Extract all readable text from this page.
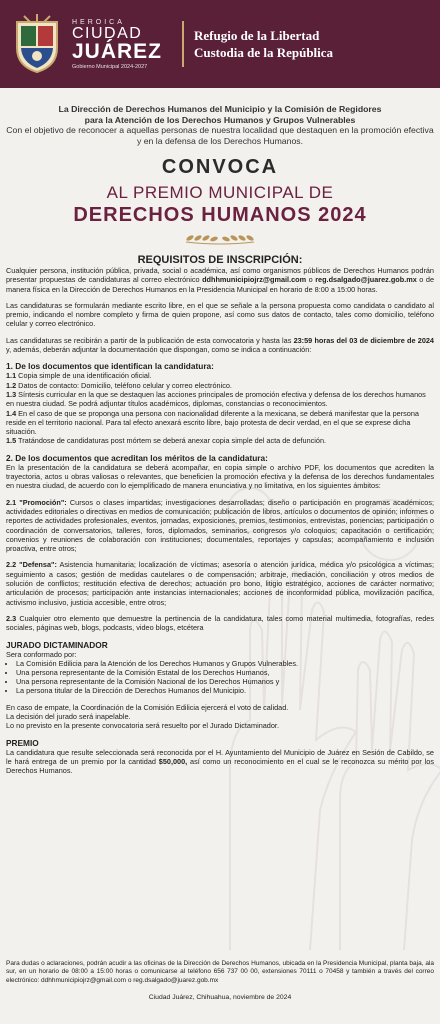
HEROICA
CIUDAD
JUÁREZ
Gobierno Municipal 2024-2027
Refugio de la Libertad
Custodia de la República
La Dirección de Derechos Humanos del Municipio y la Comisión de Regidores
para la Atención de los Derechos Humanos y Grupos Vulnerables
Con el objetivo de reconocer a aquellas personas de nuestra localidad que destaquen en la promoción efectiva y en la defensa de los Derechos Humanos.
CONVOCA
AL PREMIO MUNICIPAL DE
DERECHOS HUMANOS 2024
REQUISITOS DE INSCRIPCIÓN:

Cualquier persona, institución pública, privada, social o académica, así como organismos públicos de Derechos Humanos podrán presentar propuestas de candidaturas al correo electrónico ddhhmunicipiojrz@gmail.com o reg.dsalgado@juarez.gob.mx o de manera física en la Dirección de Derechos Humanos en la Presidencia Municipal en horario de 8:00 a 15:00 horas.

Las candidaturas se formularán mediante escrito libre, en el que se señale a la persona propuesta como candidata o candidato al premio, indicando el nombre completo y firma de quien propone, así como sus datos de contacto, tales como domicilio, teléfono celular y correo electrónico.

Las candidaturas se recibirán a partir de la publicación de esta convocatoria y hasta las 23:59 horas del 03 de diciembre de 2024 y, además, deberán adjuntar la documentación que dispongan, como se indica a continuación:

1. De los documentos que identifican la candidatura:
1.1 Copia simple de una identificación oficial.
1.2 Datos de contacto: Domicilio, teléfono celular y correo electrónico.
1.3 Síntesis curricular en la que se destaquen las acciones principales de promoción efectiva y defensa de los derechos humanos en nuestra ciudad. Se podrá adjuntar títulos académicos, diplomas, constancias o reconocimientos.
1.4 En el caso de que se proponga una persona con nacionalidad diferente a la mexicana, se deberá manifestar que la persona reside en el territorio nacional. Para tal efecto anexará escrito libre, bajo protesta de decir verdad, en el que se exprese dicha situación.
1.5 Tratándose de candidaturas post mórtem se deberá anexar copia simple del acta de defunción.
2. De los documentos que acreditan los méritos de la candidatura:

En la presentación de la candidatura se deberá acompañar, en copia simple o archivo PDF, los documentos que acrediten la trayectoria, actos u obras valiosas o relevantes, que beneficien la promoción efectiva y la defensa de los derechos fundamentales en nuestra ciudad, de acuerdo con lo ejemplificado de manera enunciativa y no limitativa, en los siguientes ámbitos:

2.1 "Promoción": Cursos o clases impartidas; investigaciones desarrolladas; diseño o participación en programas académicos; actividades editoriales o directivas en medios de comunicación; publicación de libros, artículos o documentos de opinión; informes o reportes de actividades profesionales, eventos, jornadas, exposiciones, premios, testimonios, entrevistas, ponencias; participación o coordinación de conversatorios, talleres, foros, diplomados, seminarios, congresos y/o coloquios; capacitación o certificación; convenios y reuniones de colaboración con instituciones; documentales, reportajes y capsulas; acompañamiento e inclusión proactiva, entre otros;

2.2 "Defensa": Asistencia humanitaria; localización de víctimas; asesoría o atención jurídica, médica y/o psicológica a víctimas; seguimiento a casos; gestión de medidas cautelares o de compensación; arbitraje, mediación, conciliación y otros medios de solución de conflictos; restitución efectiva de derechos; actuación pro bono, litigio estratégico, acciones de carácter normativo; articulación de procesos; participación ante instancias internacionales; acciones de inconformidad pública, movilización pacífica, activismo inclusivo, justicia accesible, entre otros;

2.3 Cualquier otro elemento que demuestre la pertinencia de la candidatura, tales como material multimedia, fotografías, redes sociales, páginas web, blogs, podcasts, video blogs, etcétera

JURADO DICTAMINADOR

Sera conformado por:

• La Comisión Edilicia para la Atención de los Derechos Humanos y Grupos Vulnerables.
• Una persona representante de la Comisión Estatal de los Derechos Humanos,
• Una persona representante de la Comisión Nacional de los Derechos Humanos y
• La persona titular de la Dirección de Derechos Humanos del Municipio.

En caso de empate, la Coordinación de la Comisión Edilicia ejercerá el voto de calidad.

La decisión del jurado será inapelable.

Lo no previsto en la presente convocatoria será resuelto por el Jurado Dictaminador.

PREMIO

La candidatura que resulte seleccionada será reconocida por el H. Ayuntamiento del Municipio de Juárez en Sesión de Cabildo, se le hará entrega de un premio por la cantidad $50,000, así como un reconocimiento en el cual se le reconozca su mérito por los Derechos Humanos.

Para dudas o aclaraciones, podrán acudir a las oficinas de la Dirección de Derechos Humanos, ubicada en la Presidencia Municipal, planta baja, ala sur, en un horario de 08:00 a 15:00 horas o comunicarse al teléfono 656 737 00 00, extensiones 70111 o 70458 y también a través del correo electrónico: ddhhmunicipiojrz@gmail.com o reg.dsalgado@juarez.gob.mx

Ciudad Juárez, Chihuahua, noviembre de 2024
